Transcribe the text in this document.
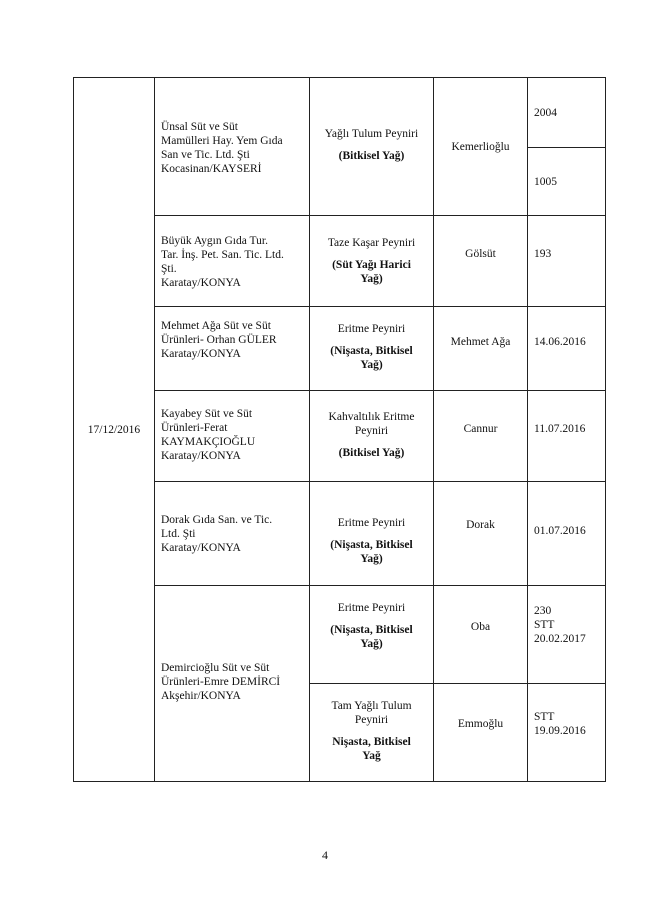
17/12/2016	Ünsal Süt ve Süt
Mamülleri Hay. Yem Gıda
San ve Tic. Ltd. Şti
Kocasinan/KAYSERİ	Yağlı Tulum Peyniri
(Bitkisel Yağ)	Kemerlioğlu	2004
				1005

	Büyük Aygın Gıda Tur.
Tar. İnş. Pet. San. Tic. Ltd.
Şti.
Karatay/KONYA	Taze Kaşar Peyniri
(Süt Yağı Harici
Yağ)	Gölsüt	193

	Mehmet Ağa Süt ve Süt
Ürünleri- Orhan GÜLER
Karatay/KONYA	Eritme Peyniri
(Nişasta, Bitkisel
Yağ)	Mehmet Ağa	14.06.2016

	Kayabey Süt ve Süt
Ürünleri-Ferat
KAYMAKÇIOĞLU
Karatay/KONYA	Kahvaltılık Eritme
Peyniri
(Bitkisel Yağ)	Cannur	11.07.2016

	Dorak Gıda San. ve Tic.
Ltd. Şti
Karatay/KONYA	Eritme Peyniri
(Nişasta, Bitkisel
Yağ)	Dorak	01.07.2016

	Demircioğlu Süt ve Süt
Ürünleri-Emre DEMİRCİ
Akşehir/KONYA	Eritme Peyniri
(Nişasta, Bitkisel
Yağ)	Oba	230
STT
20.02.2017

		Tam Yağlı Tulum
Peyniri
Nişasta, Bitkisel
Yağ	Emmoğlu	STT
19.09.2016
4
